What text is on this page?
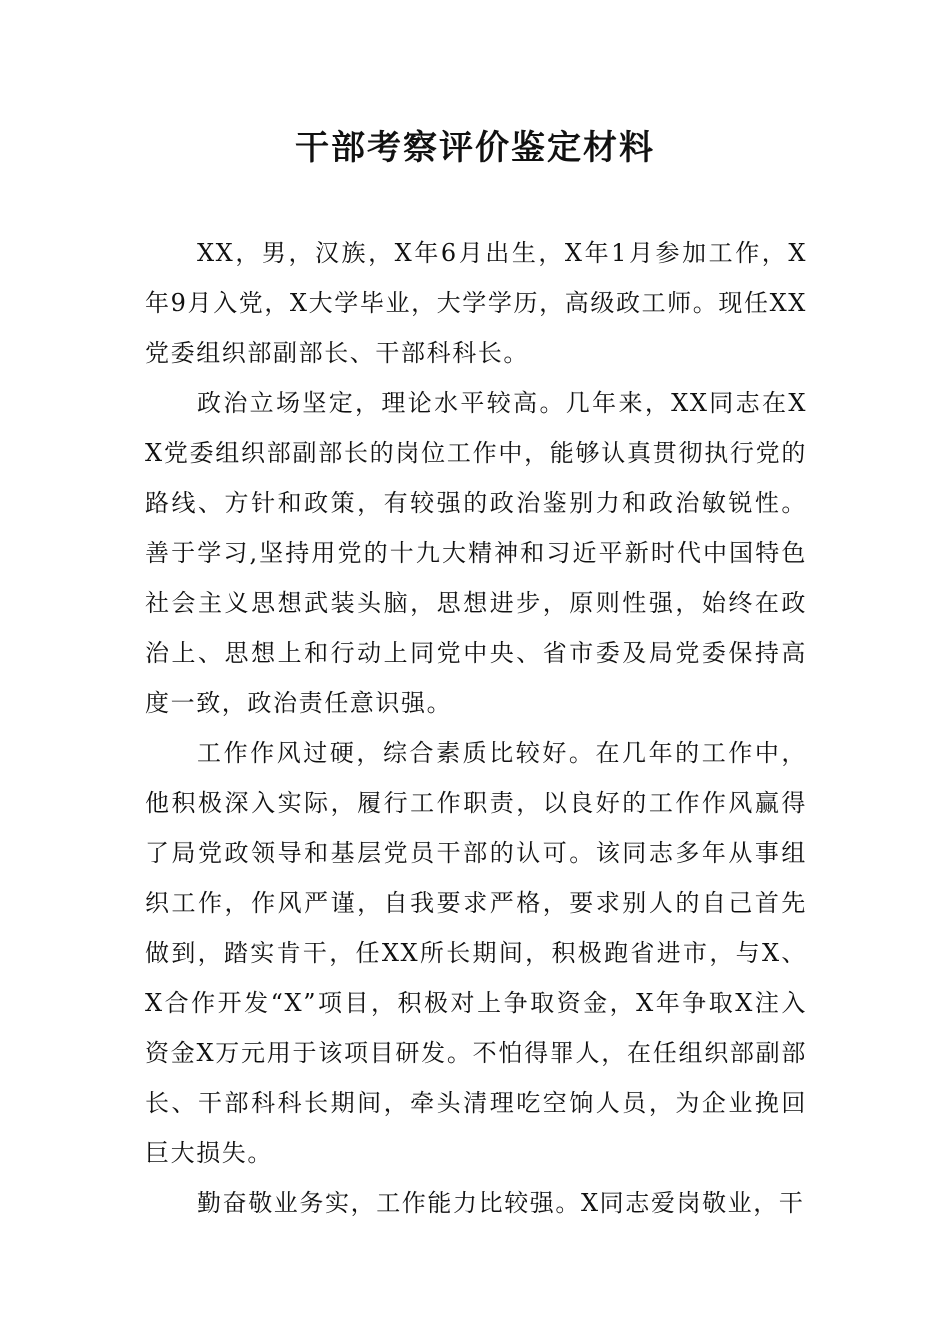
干部考察评价鉴定材料

XX，男，汉族，X年6月出生，X年1月参加工作，X年9月入党，X大学毕业，大学学历，高级政工师。现任XX党委组织部副部长、干部科科长。

政治立场坚定，理论水平较高。几年来，XX同志在XX党委组织部副部长的岗位工作中，能够认真贯彻执行党的路线、方针和政策，有较强的政治鉴别力和政治敏锐性。善于学习,坚持用党的十九大精神和习近平新时代中国特色社会主义思想武装头脑，思想进步，原则性强，始终在政治上、思想上和行动上同党中央、省市委及局党委保持高度一致，政治责任意识强。

工作作风过硬，综合素质比较好。在几年的工作中，他积极深入实际，履行工作职责，以良好的工作作风赢得了局党政领导和基层党员干部的认可。该同志多年从事组织工作，作风严谨，自我要求严格，要求别人的自己首先做到，踏实肯干，任XX所长期间，积极跑省进市，与X、X合作开发“X”项目，积极对上争取资金，X年争取X注入资金X万元用于该项目研发。不怕得罪人，在任组织部副部长、干部科科长期间，牵头清理吃空饷人员，为企业挽回巨大损失。

勤奋敬业务实，工作能力比较强。X同志爱岗敬业，干
